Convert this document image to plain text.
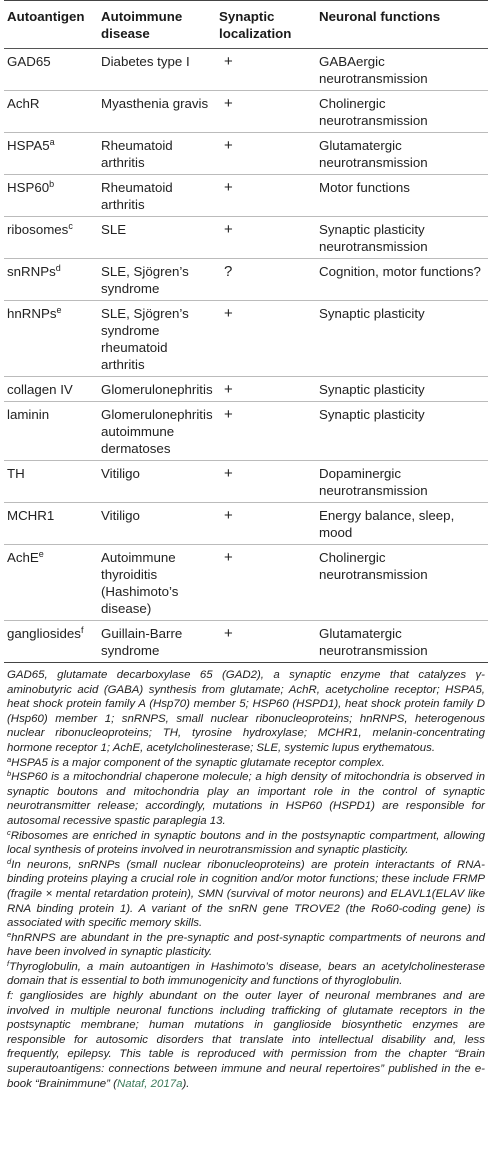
Autoantigen	Autoimmune disease	Synaptic localization	Neuronal functions
GAD65	Diabetes type I	+	GABAergic neurotransmission
AchR	Myasthenia gravis	+	Cholinergic neurotransmission
HSPA5$^a$	Rheumatoid arthritis	+	Glutamatergic neurotransmission
HSP60$^b$	Rheumatoid arthritis	+	Motor functions
ribosomes$^c$	SLE	+	Synaptic plasticity neurotransmission
snRNPs$^d$	SLE, Sjögren’s syndrome	?	Cognition, motor functions?
hnRNPs$^e$	SLE, Sjögren’s syndrome rheumatoid arthritis	+	Synaptic plasticity
collagen IV	Glomerulonephritis	+	Synaptic plasticity
laminin	Glomerulonephritis autoimmune dermatoses	+	Synaptic plasticity
TH	Vitiligo	+	Dopaminergic neurotransmission
MCHR1	Vitiligo	+	Energy balance, sleep, mood
AchE$^e$	Autoimmune thyroiditis (Hashimoto’s disease)	+	Cholinergic neurotransmission
gangliosides$^f$	Guillain-Barre syndrome	+	Glutamatergic neurotransmission

GAD65, glutamate decarboxylase 65 (GAD2), a synaptic enzyme that catalyzes γ-aminobutyric acid (GABA) synthesis from glutamate; AchR, acetycholine receptor; HSPA5, heat shock protein family A (Hsp70) member 5; HSP60 (HSPD1), heat shock protein family D (Hsp60) member 1; snRNPS, small nuclear ribonucleoproteins; hnRNPS, heterogenous nuclear ribonucleoproteins; TH, tyrosine hydroxylase; MCHR1, melanin-concentrating hormone receptor 1; AchE, acetylcholinesterase; SLE, systemic lupus erythematous.

$^a$HSPA5 is a major component of the synaptic glutamate receptor complex.

$^b$HSP60 is a mitochondrial chaperone molecule; a high density of mitochondria is observed in synaptic boutons and mitochondria play an important role in the control of synaptic neurotransmitter release; accordingly, mutations in HSP60 (HSPD1) are responsible for autosomal recessive spastic paraplegia 13.

$^c$Ribosomes are enriched in synaptic boutons and in the postsynaptic compartment, allowing local synthesis of proteins involved in neurotransmission and synaptic plasticity.

$^d$In neurons, snRNPs (small nuclear ribonucleoproteins) are protein interactants of RNA-binding proteins playing a crucial role in cognition and/or motor functions; these include FRMP (fragile × mental retardation protein), SMN (survival of motor neurons) and ELAVL1(ELAV like RNA binding protein 1). A variant of the snRN gene TROVE2 (the Ro60-coding gene) is associated with specific memory skills.

$^e$hnRNPS are abundant in the pre-synaptic and post-synaptic compartments of neurons and have been involved in synaptic plasticity.

$^f$Thyroglobulin, a main autoantigen in Hashimoto’s disease, bears an acetylcholinesterase domain that is essential to both immunogenicity and functions of thyroglobulin.

f: gangliosides are highly abundant on the outer layer of neuronal membranes and are involved in multiple neuronal functions including trafficking of glutamate receptors in the postsynaptic membrane; human mutations in ganglioside biosynthetic enzymes are responsible for autosomic disorders that translate into intellectual disability and, less frequently, epilepsy. This table is reproduced with permission from the chapter “Brain superautoantigens: connections between immune and neural repertoires” published in the e-book “Brainimmune” (Nataf, 2017a).
